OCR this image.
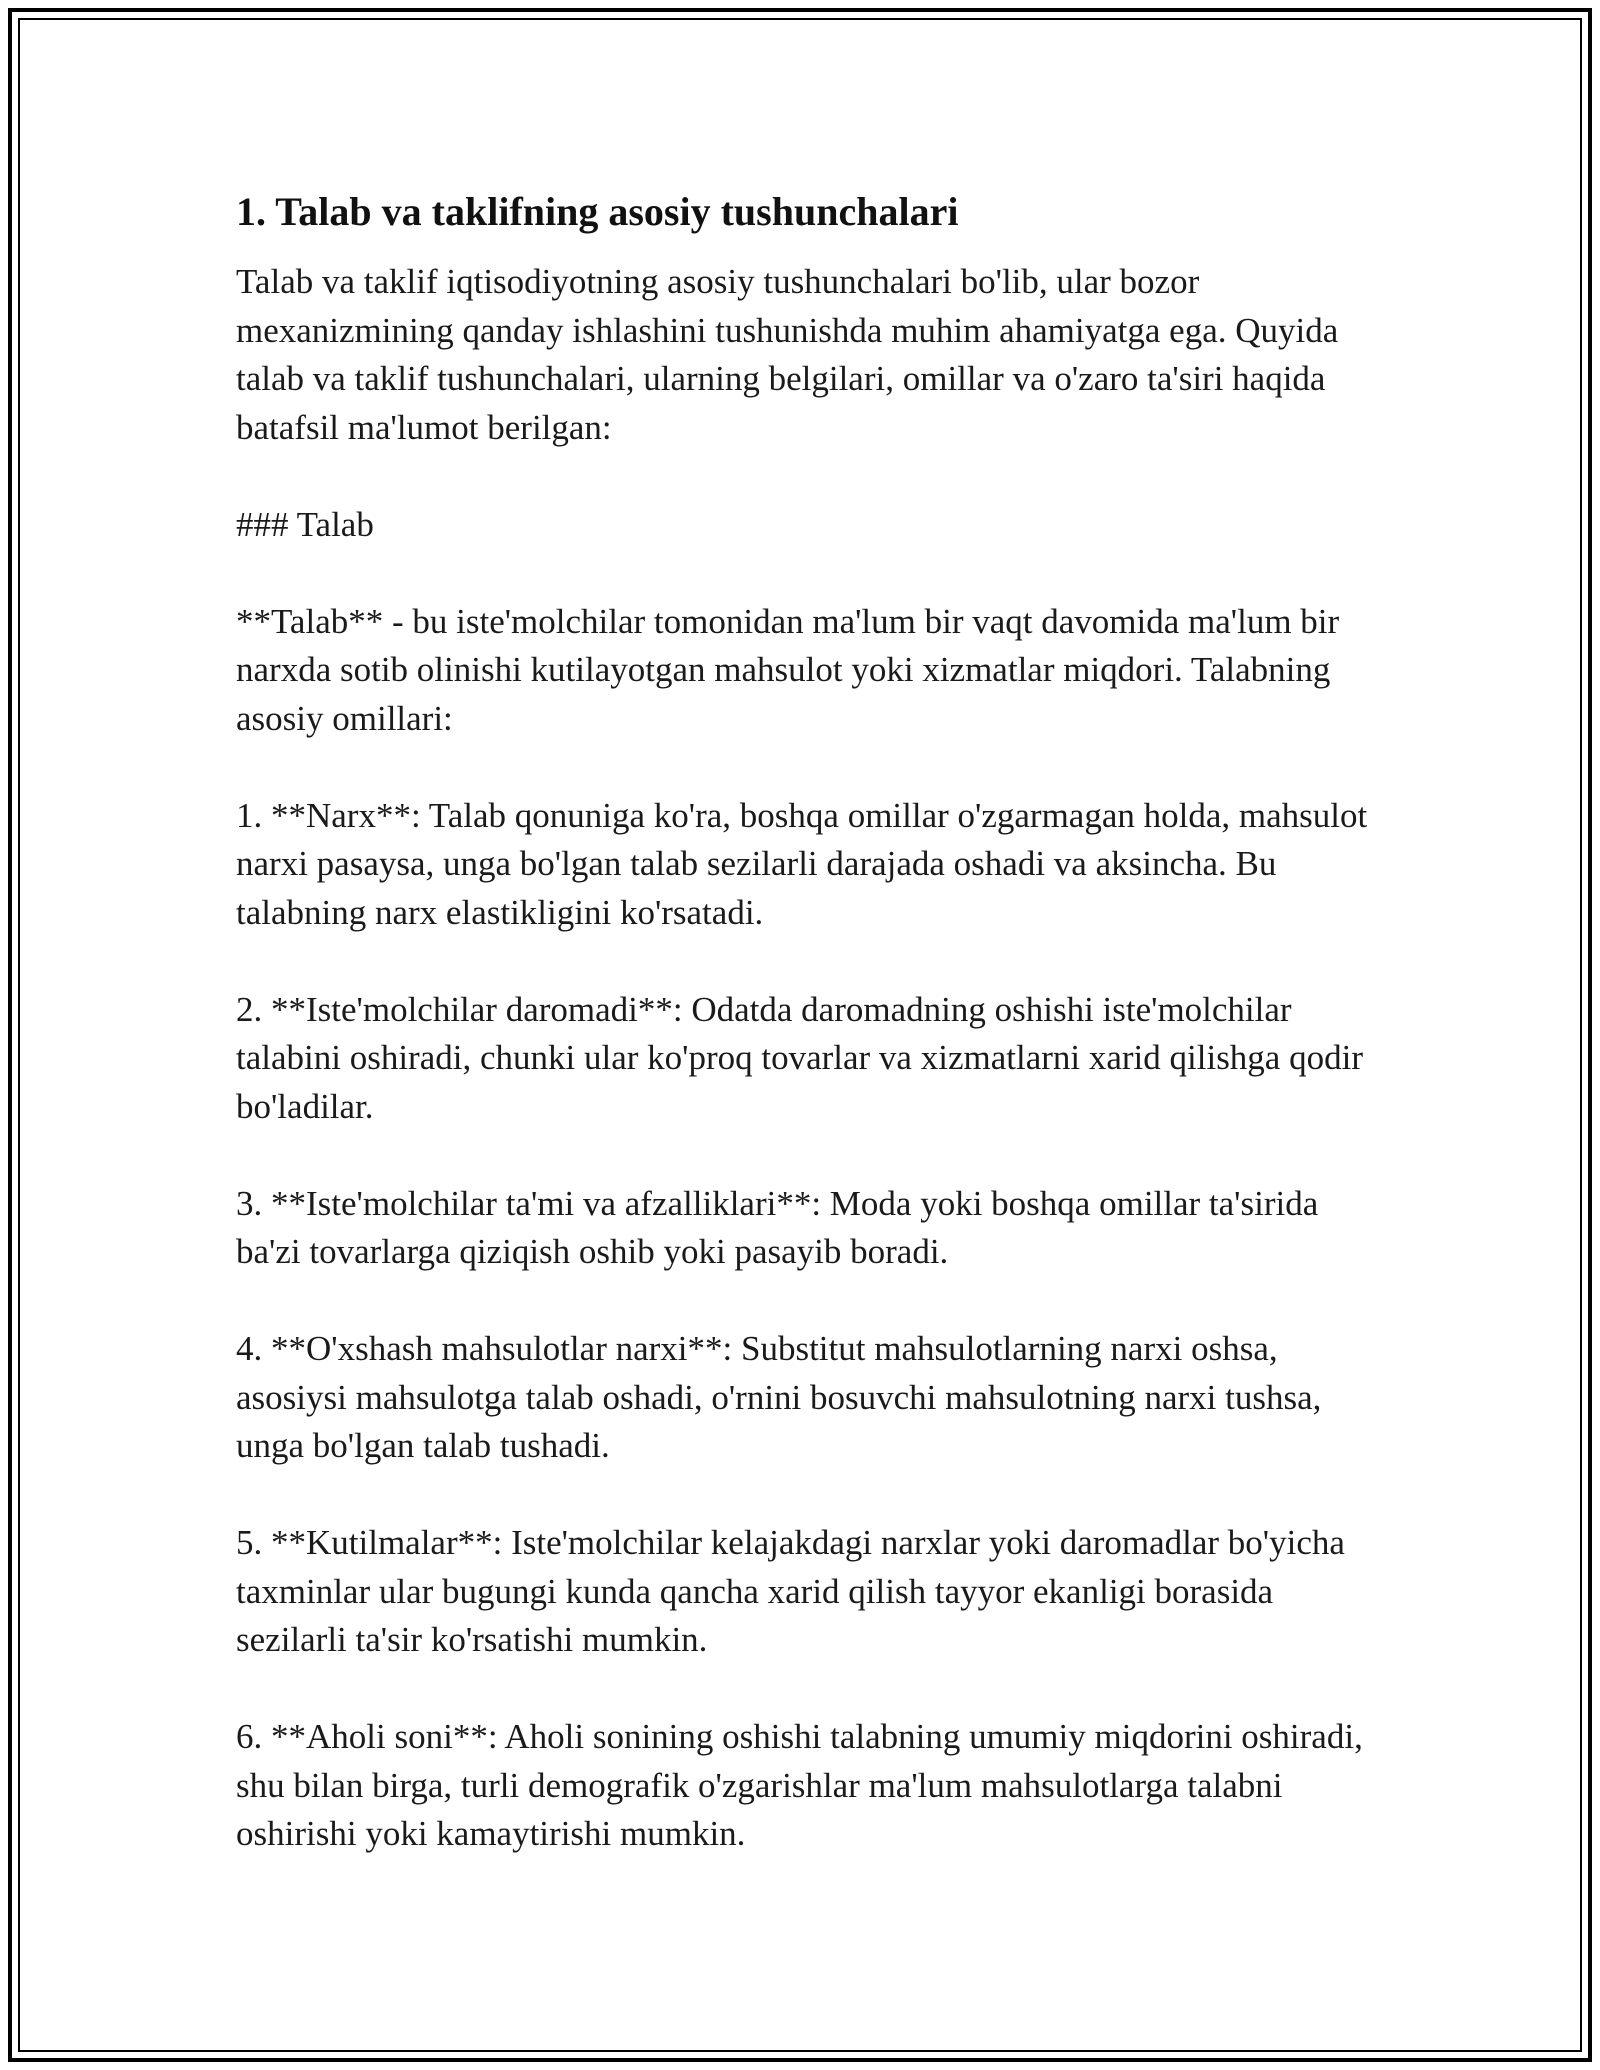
1. Talab va taklifning asosiy tushunchalari

Talab va taklif iqtisodiyotning asosiy tushunchalari bo'lib, ular bozor mexanizmining qanday ishlashini tushunishda muhim ahamiyatga ega. Quyida talab va taklif tushunchalari, ularning belgilari, omillar va o'zaro ta'siri haqida batafsil ma'lumot berilgan:

### Talab

**Talab** - bu iste'molchilar tomonidan ma'lum bir vaqt davomida ma'lum bir narxda sotib olinishi kutilayotgan mahsulot yoki xizmatlar miqdori. Talabning asosiy omillari:

1. **Narx**: Talab qonuniga ko'ra, boshqa omillar o'zgarmagan holda, mahsulot narxi pasaysa, unga bo'lgan talab sezilarli darajada oshadi va aksincha. Bu talabning narx elastikligini ko'rsatadi.

2. **Iste'molchilar daromadi**: Odatda daromadning oshishi iste'molchilar talabini oshiradi, chunki ular ko'proq tovarlar va xizmatlarni xarid qilishga qodir bo'ladilar.

3. **Iste'molchilar ta'mi va afzalliklari**: Moda yoki boshqa omillar ta'sirida ba'zi tovarlarga qiziqish oshib yoki pasayib boradi.

4. **O'xshash mahsulotlar narxi**: Substitut mahsulotlarning narxi oshsa, asosiysi mahsulotga talab oshadi, o'rnini bosuvchi mahsulotning narxi tushsa, unga bo'lgan talab tushadi.

5. **Kutilmalar**: Iste'molchilar kelajakdagi narxlar yoki daromadlar bo'yicha taxminlar ular bugungi kunda qancha xarid qilish tayyor ekanligi borasida sezilarli ta'sir ko'rsatishi mumkin.

6. **Aholi soni**: Aholi sonining oshishi talabning umumiy miqdorini oshiradi, shu bilan birga, turli demografik o'zgarishlar ma'lum mahsulotlarga talabni oshirishi yoki kamaytirishi mumkin.
